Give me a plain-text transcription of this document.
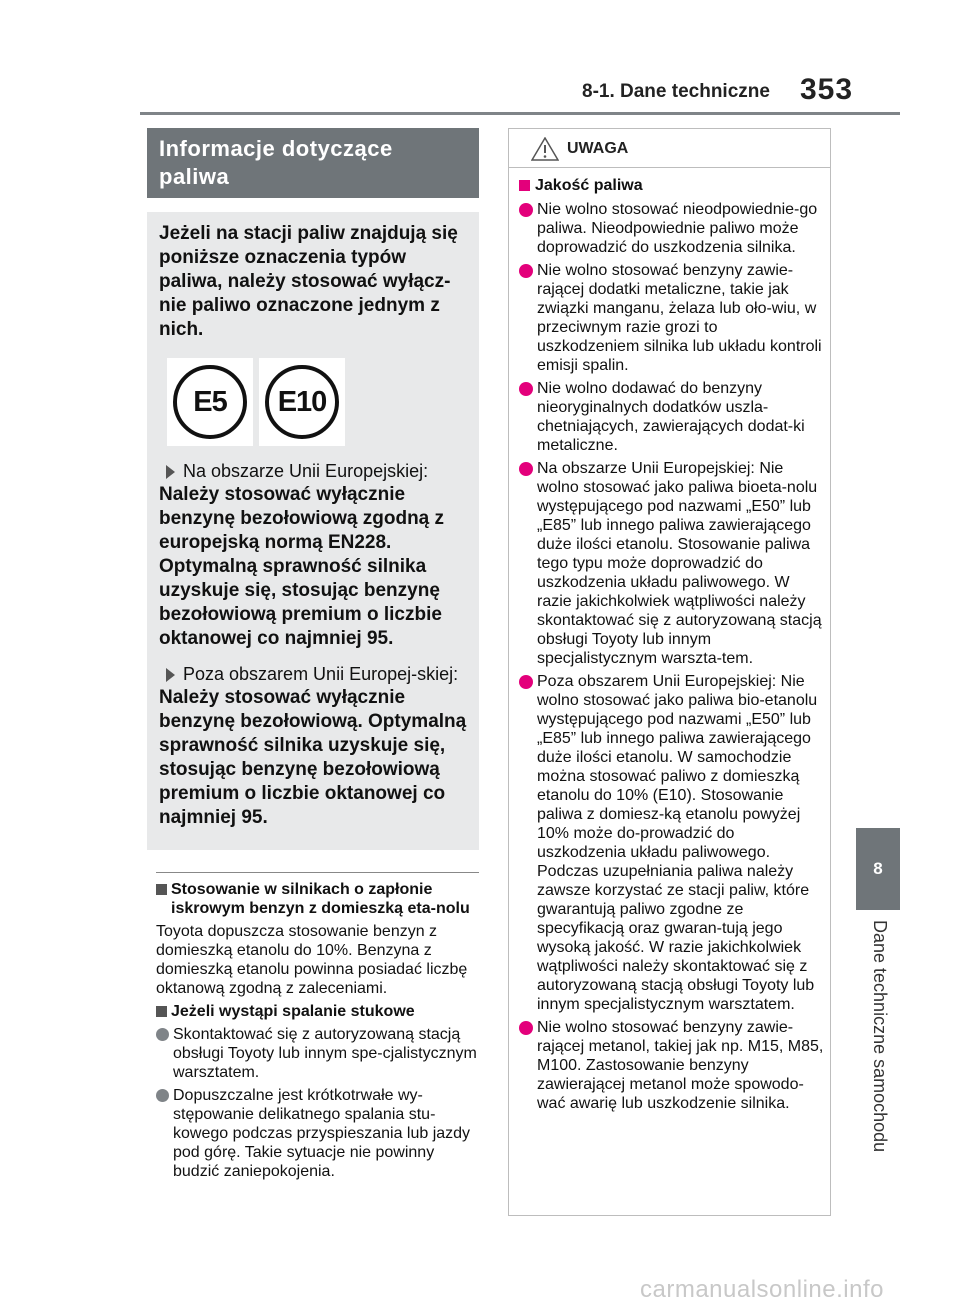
8-1. Dane techniczne 353
8
Dane techniczne samochodu
Informacje dotyczące paliwa

Jeżeli na stacji paliw znajdują się poniższe oznaczenia typów paliwa, należy stosować wyłącz-nie paliwo oznaczone jednym z nich.

E5	E10

Na obszarze Unii Europejskiej:

Należy stosować wyłącznie benzynę bezołowiową zgodną z europejską normą EN228. Optymalną sprawność silnika uzyskuje się, stosując benzynę bezołowiową premium o liczbie oktanowej co najmniej 95.

Poza obszarem Unii Europej-skiej:

Należy stosować wyłącznie benzynę bezołowiową. Optymalną sprawność silnika uzyskuje się, stosując benzynę bezołowiową premium o liczbie oktanowej co najmniej 95.

Stosowanie w silnikach o zapłonie iskrowym benzyn z domieszką eta-nolu

Toyota dopuszcza stosowanie benzyn z domieszką etanolu do 10%. Benzyna z domieszką etanolu powinna posiadać liczbę oktanową zgodną z zaleceniami.

Jeżeli wystąpi spalanie stukowe

Skontaktować się z autoryzowaną stacją obsługi Toyoty lub innym spe-cjalistycznym warsztatem.

Dopuszczalne jest krótkotrwałe wy-stępowanie delikatnego spalania stu-kowego podczas przyspieszania lub jazdy pod górę. Takie sytuacje nie powinny budzić zaniepokojenia.

UWAGA

Jakość paliwa

Nie wolno stosować nieodpowiednie-go paliwa. Nieodpowiednie paliwo może doprowadzić do uszkodzenia silnika.

Nie wolno stosować benzyny zawie-rającej dodatki metaliczne, takie jak związki manganu, żelaza lub oło-wiu, w przeciwnym razie grozi to uszkodzeniem silnika lub układu kontroli emisji spalin.

Nie wolno dodawać do benzyny nieoryginalnych dodatków uszla-chetniających, zawierających dodat-ki metaliczne.

Na obszarze Unii Europejskiej: Nie wolno stosować jako paliwa bioeta-nolu występującego pod nazwami „E50” lub „E85” lub innego paliwa zawierającego duże ilości etanolu. Stosowanie paliwa tego typu może doprowadzić do uszkodzenia układu paliwowego. W razie jakichkolwiek wątpliwości należy skontaktować się z autoryzowaną stacją obsługi Toyoty lub innym specjalistycznym warszta-tem.

Poza obszarem Unii Europejskiej: Nie wolno stosować jako paliwa bio-etanolu występującego pod nazwami „E50” lub „E85” lub innego paliwa zawierającego duże ilości etanolu. W samochodzie można stosować paliwo z domieszką etanolu do 10% (E10). Stosowanie paliwa z domiesz-ką etanolu powyżej 10% może do-prowadzić do uszkodzenia układu paliwowego. Podczas uzupełniania paliwa należy zawsze korzystać ze stacji paliw, które gwarantują paliwo zgodne ze specyfikacją oraz gwaran-tują jego wysoką jakość. W razie jakichkolwiek wątpliwości należy skontaktować się z autoryzowaną stacją obsługi Toyoty lub innym specjalistycznym warsztatem.

Nie wolno stosować benzyny zawie-rającej metanol, takiej jak np. M15, M85, M100. Zastosowanie benzyny zawierającej metanol może spowodo-wać awarię lub uszkodzenie silnika.

carmanualsonline.info
